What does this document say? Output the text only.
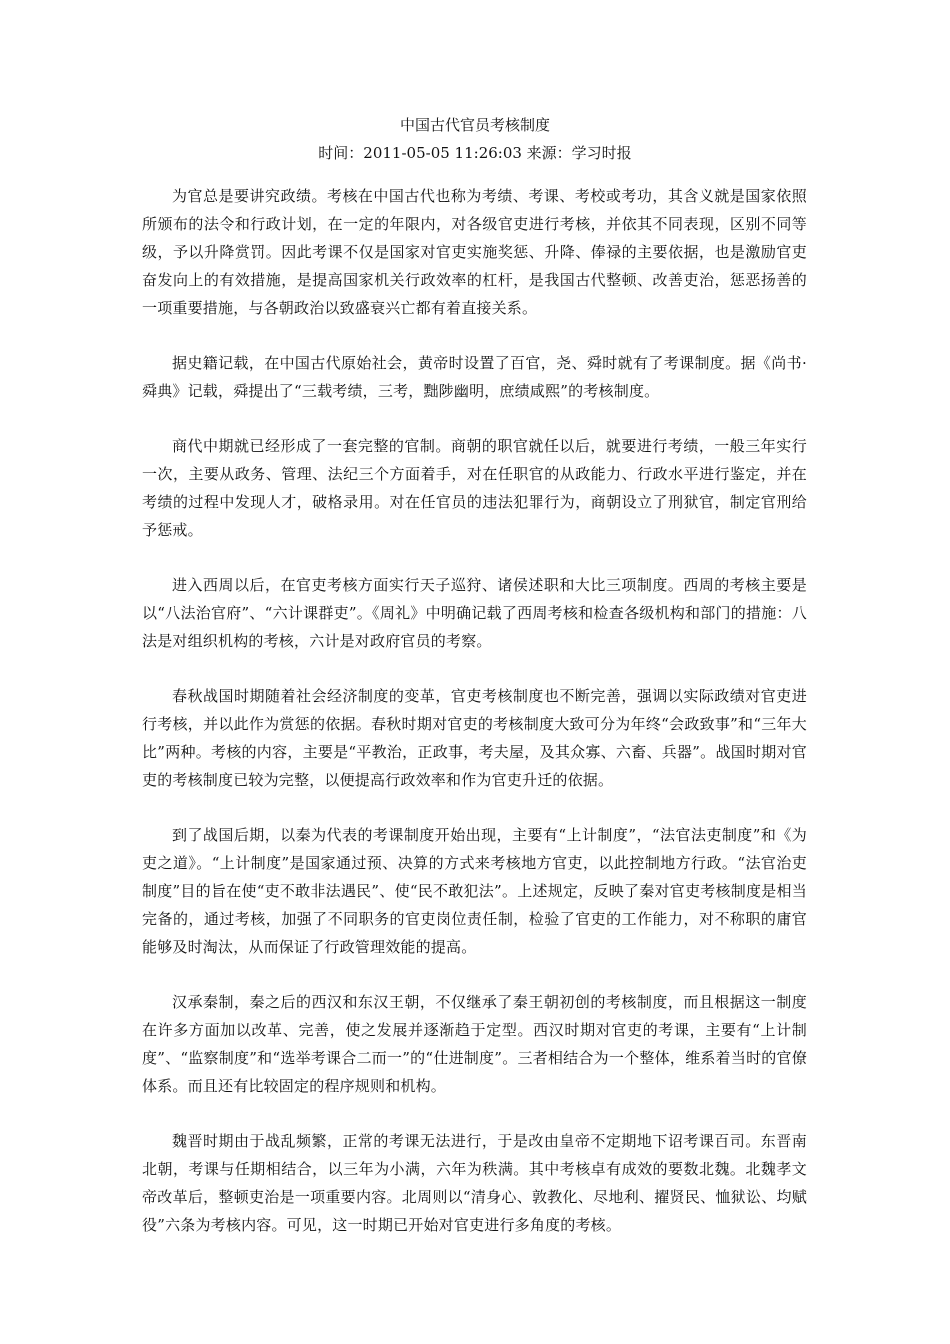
中国古代官员考核制度
时间：2011-05-05 11:26:03 来源：学习时报

为官总是要讲究政绩。考核在中国古代也称为考绩、考课、考校或考功，其含义就是国家依照所颁布的法令和行政计划，在一定的年限内，对各级官吏进行考核，并依其不同表现，区别不同等级，予以升降赏罚。因此考课不仅是国家对官吏实施奖惩、升降、俸禄的主要依据，也是激励官吏奋发向上的有效措施，是提高国家机关行政效率的杠杆，是我国古代整顿、改善吏治，惩恶扬善的一项重要措施，与各朝政治以致盛衰兴亡都有着直接关系。

据史籍记载，在中国古代原始社会，黄帝时设置了百官，尧、舜时就有了考课制度。据《尚书·舜典》记载，舜提出了“三载考绩，三考，黜陟幽明，庶绩咸熙”的考核制度。

商代中期就已经形成了一套完整的官制。商朝的职官就任以后，就要进行考绩，一般三年实行一次，主要从政务、管理、法纪三个方面着手，对在任职官的从政能力、行政水平进行鉴定，并在考绩的过程中发现人才，破格录用。对在任官员的违法犯罪行为，商朝设立了刑狱官，制定官刑给予惩戒。

进入西周以后，在官吏考核方面实行天子巡狩、诸侯述职和大比三项制度。西周的考核主要是以“八法治官府”、“六计课群吏”。《周礼》中明确记载了西周考核和检查各级机构和部门的措施：八法是对组织机构的考核，六计是对政府官员的考察。

春秋战国时期随着社会经济制度的变革，官吏考核制度也不断完善，强调以实际政绩对官吏进行考核，并以此作为赏惩的依据。春秋时期对官吏的考核制度大致可分为年终“会政致事”和“三年大比”两种。考核的内容，主要是“平教治，正政事，考夫屋，及其众寡、六畜、兵器”。战国时期对官吏的考核制度已较为完整，以便提高行政效率和作为官吏升迁的依据。

到了战国后期，以秦为代表的考课制度开始出现，主要有“上计制度”，“法官法吏制度”和《为吏之道》。“上计制度”是国家通过预、决算的方式来考核地方官吏，以此控制地方行政。“法官治吏制度”目的旨在使“吏不敢非法遇民”、使“民不敢犯法”。上述规定，反映了秦对官吏考核制度是相当完备的，通过考核，加强了不同职务的官吏岗位责任制，检验了官吏的工作能力，对不称职的庸官能够及时淘汰，从而保证了行政管理效能的提高。

汉承秦制，秦之后的西汉和东汉王朝，不仅继承了秦王朝初创的考核制度，而且根据这一制度在许多方面加以改革、完善，使之发展并逐渐趋于定型。西汉时期对官吏的考课，主要有“上计制度”、“监察制度”和“选举考课合二而一”的“仕进制度”。三者相结合为一个整体，维系着当时的官僚体系。而且还有比较固定的程序规则和机构。

魏晋时期由于战乱频繁，正常的考课无法进行，于是改由皇帝不定期地下诏考课百司。东晋南北朝，考课与任期相结合，以三年为小满，六年为秩满。其中考核卓有成效的要数北魏。北魏孝文帝改革后，整顿吏治是一项重要内容。北周则以“清身心、敦教化、尽地利、擢贤民、恤狱讼、均赋役”六条为考核内容。可见，这一时期已开始对官吏进行多角度的考核。
